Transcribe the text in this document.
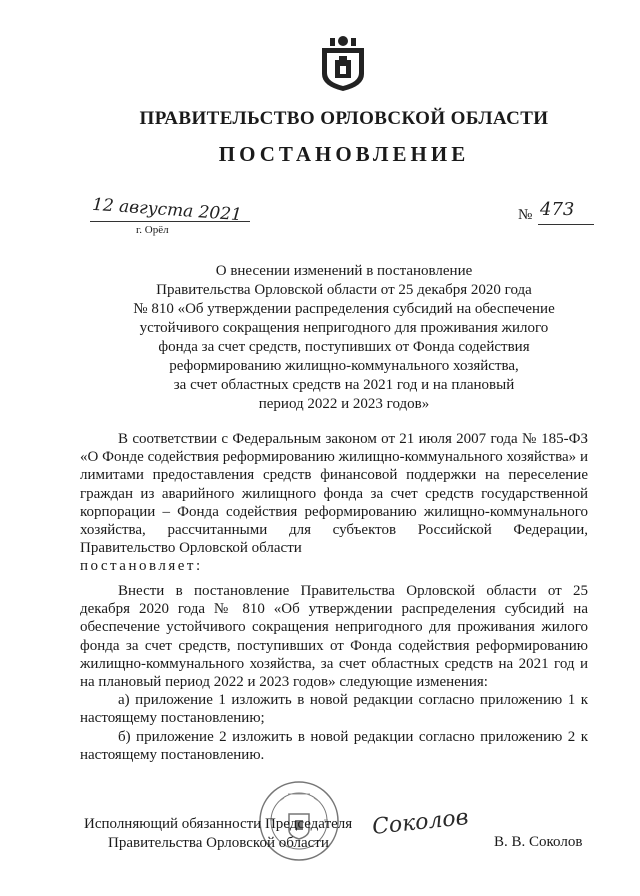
ПРАВИТЕЛЬСТВО ОРЛОВСКОЙ ОБЛАСТИ
ПОСТАНОВЛЕНИЕ
12 августа 2021
г. Орёл
№ 473
О внесении изменений в постановление
Правительства Орловской области от 25 декабря 2020 года
№ 810 «Об утверждении распределения субсидий на обеспечение
устойчивого сокращения непригодного для проживания жилого
фонда за счет средств, поступивших от Фонда содействия
реформированию жилищно-коммунального хозяйства,
за счет областных средств на 2021 год и на плановый
период 2022 и 2023 годов»
В соответствии с Федеральным законом от 21 июля 2007 года № 185-ФЗ «О Фонде содействия реформированию жилищно-коммунального хозяйства» и лимитами предоставления средств финансовой поддержки на переселение граждан из аварийного жилищного фонда за счет средств государственной корпорации – Фонда содействия реформированию жилищно-коммунального хозяйства, рассчитанными для субъектов Российской Федерации, Правительство Орловской области
постановляет:
Внести в постановление Правительства Орловской области от 25 декабря 2020 года № 810 «Об утверждении распределения субсидий на обеспечение устойчивого сокращения непригодного для проживания жилого фонда за счет средств, поступивших от Фонда содействия реформированию жилищно-коммунального хозяйства, за счет областных средств на 2021 год и на плановый период 2022 и 2023 годов» следующие изменения:
а) приложение 1 изложить в новой редакции согласно приложению 1 к настоящему постановлению;
б) приложение 2 изложить в новой редакции согласно приложению 2 к настоящему постановлению.
Исполняющий обязанности Председателя
Правительства Орловской области
Соколов
В. В. Соколов
